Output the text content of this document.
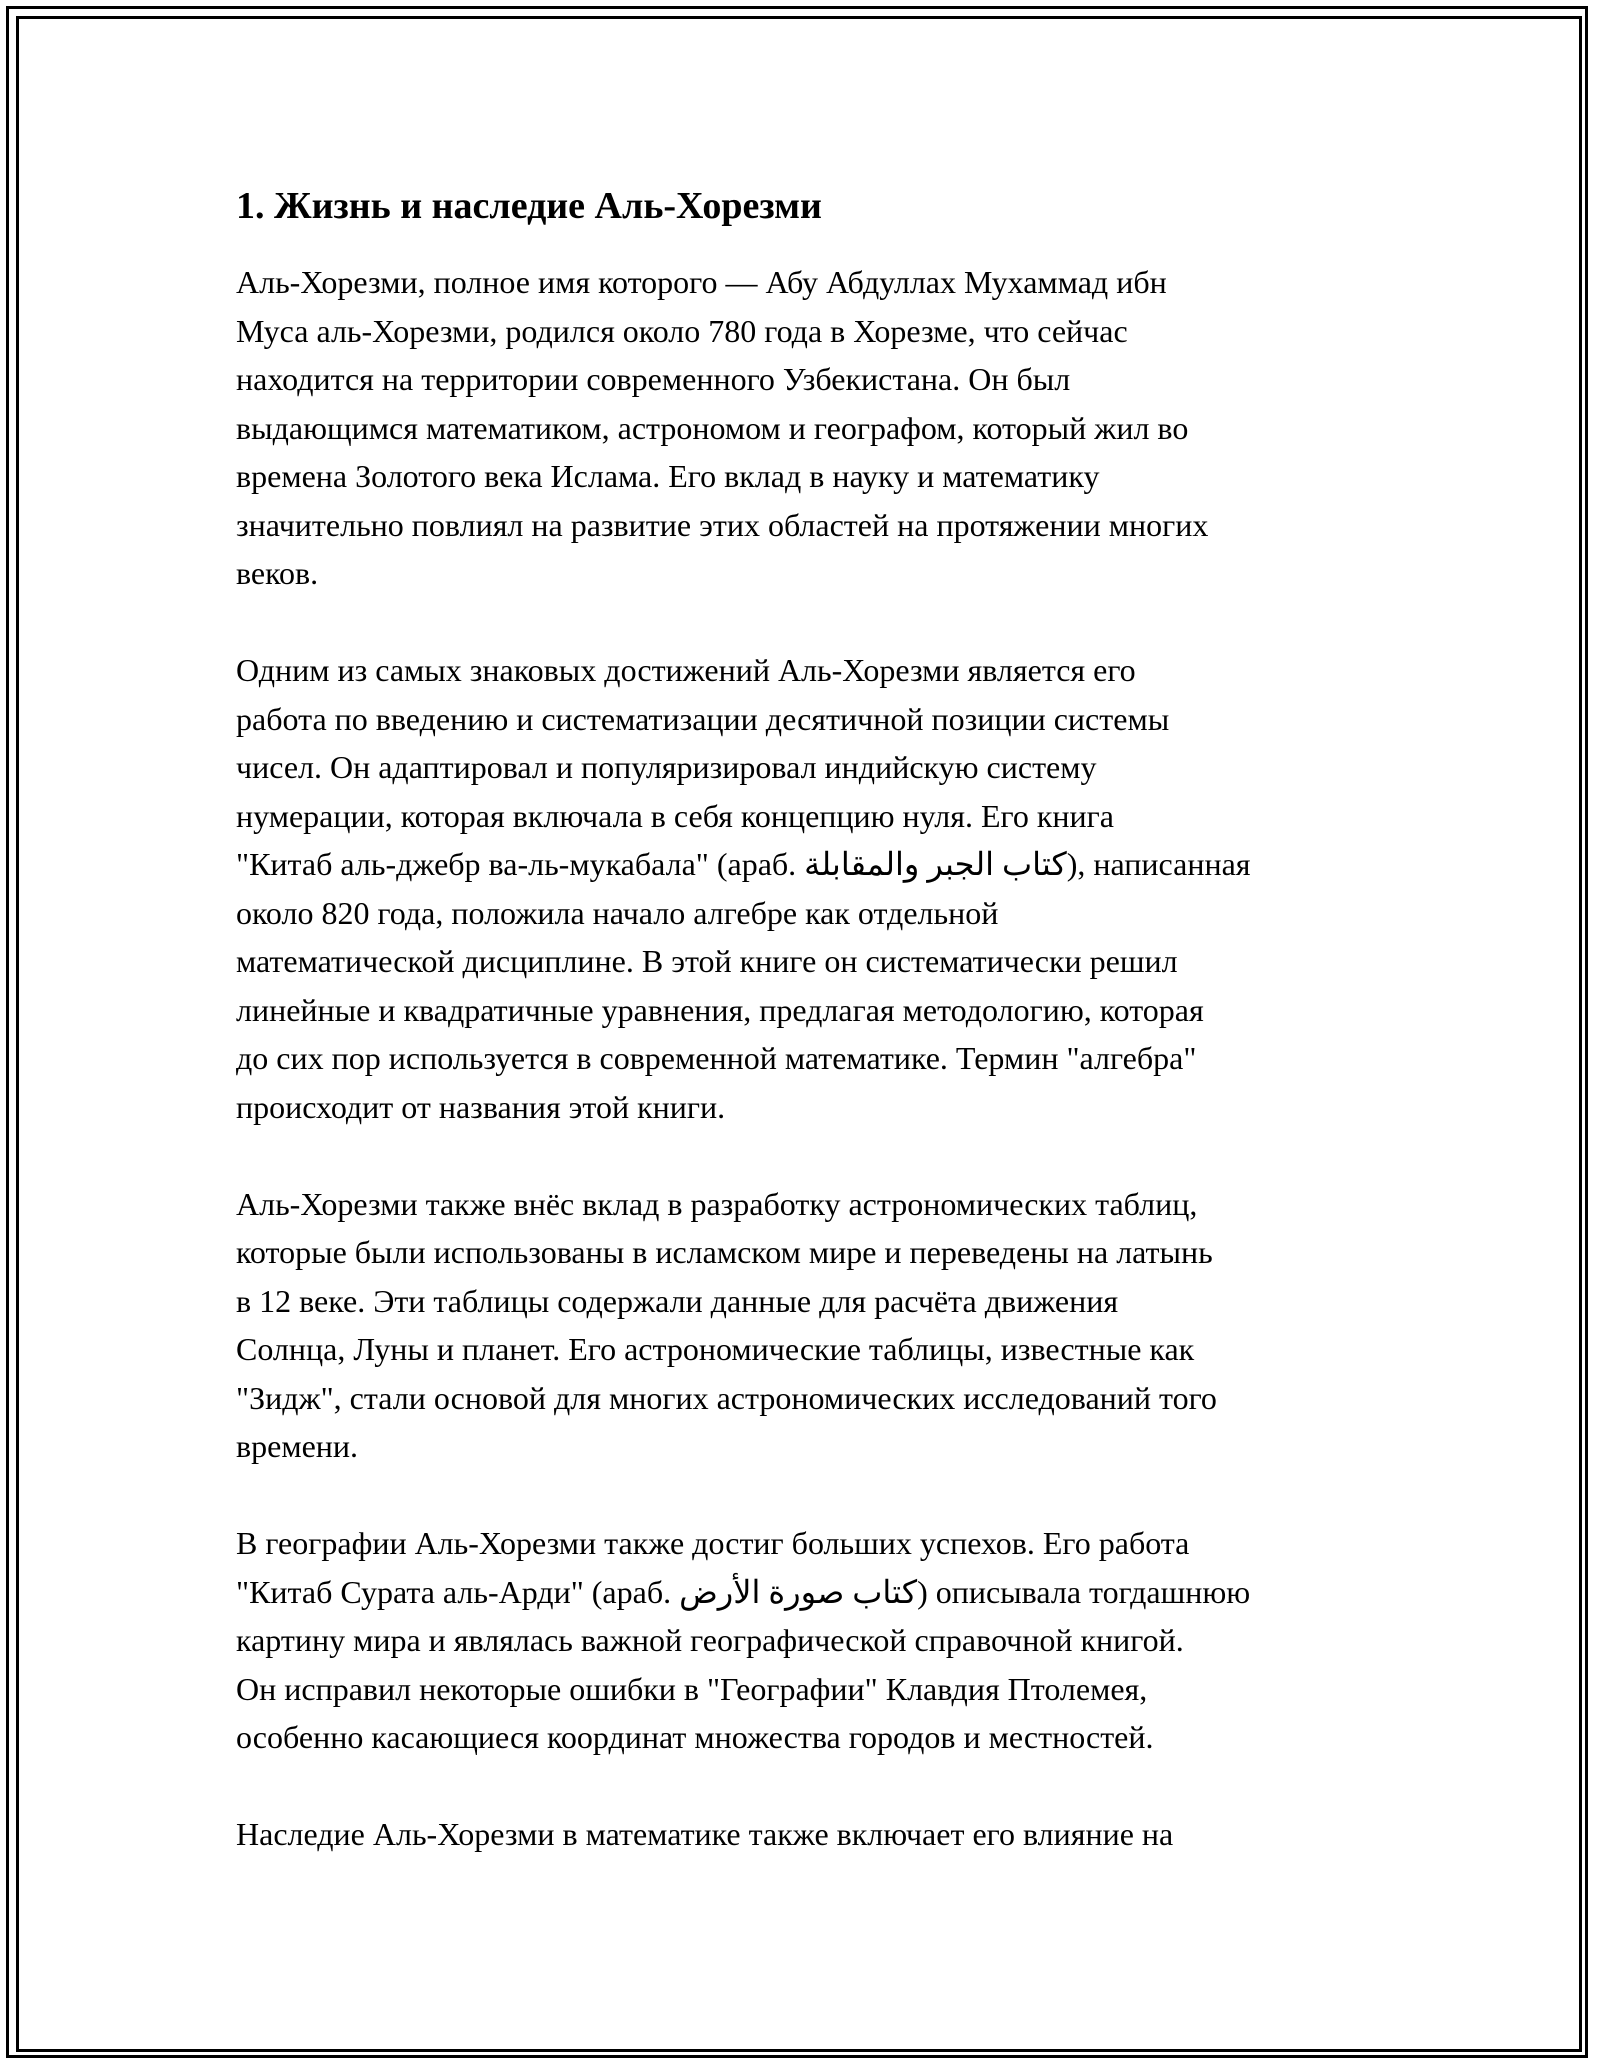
1. Жизнь и наследие Аль-Хорезми

Аль-Хорезми, полное имя которого — Абу Абдуллах Мухаммад ибн
Муса аль-Хорезми, родился около 780 года в Хорезме, что сейчас
находится на территории современного Узбекистана. Он был
выдающимся математиком, астрономом и географом, который жил во
времена Золотого века Ислама. Его вклад в науку и математику
значительно повлиял на развитие этих областей на протяжении многих
веков.

Одним из самых знаковых достижений Аль-Хорезми является его
работа по введению и систематизации десятичной позиции системы
чисел. Он адаптировал и популяризировал индийскую систему
нумерации, которая включала в себя концепцию нуля. Его книга
"Китаб аль-джебр ва-ль-мукабала" (араб. ‫كتاب الجبر والمقابلة‬), написанная
около 820 года, положила начало алгебре как отдельной
математической дисциплине. В этой книге он систематически решил
линейные и квадратичные уравнения, предлагая методологию, которая
до сих пор используется в современной математике. Термин "алгебра"
происходит от названия этой книги.

Аль-Хорезми также внёс вклад в разработку астрономических таблиц,
которые были использованы в исламском мире и переведены на латынь
в 12 веке. Эти таблицы содержали данные для расчёта движения
Солнца, Луны и планет. Его астрономические таблицы, известные как
"Зидж", стали основой для многих астрономических исследований того
времени.

В географии Аль-Хорезми также достиг больших успехов. Его работа
"Китаб Сурата аль-Арди" (араб. ‫كتاب صورة الأرض‬) описывала тогдашнюю
картину мира и являлась важной географической справочной книгой.
Он исправил некоторые ошибки в "Географии" Клавдия Птолемея,
особенно касающиеся координат множества городов и местностей.

Наследие Аль-Хорезми в математике также включает его влияние на
